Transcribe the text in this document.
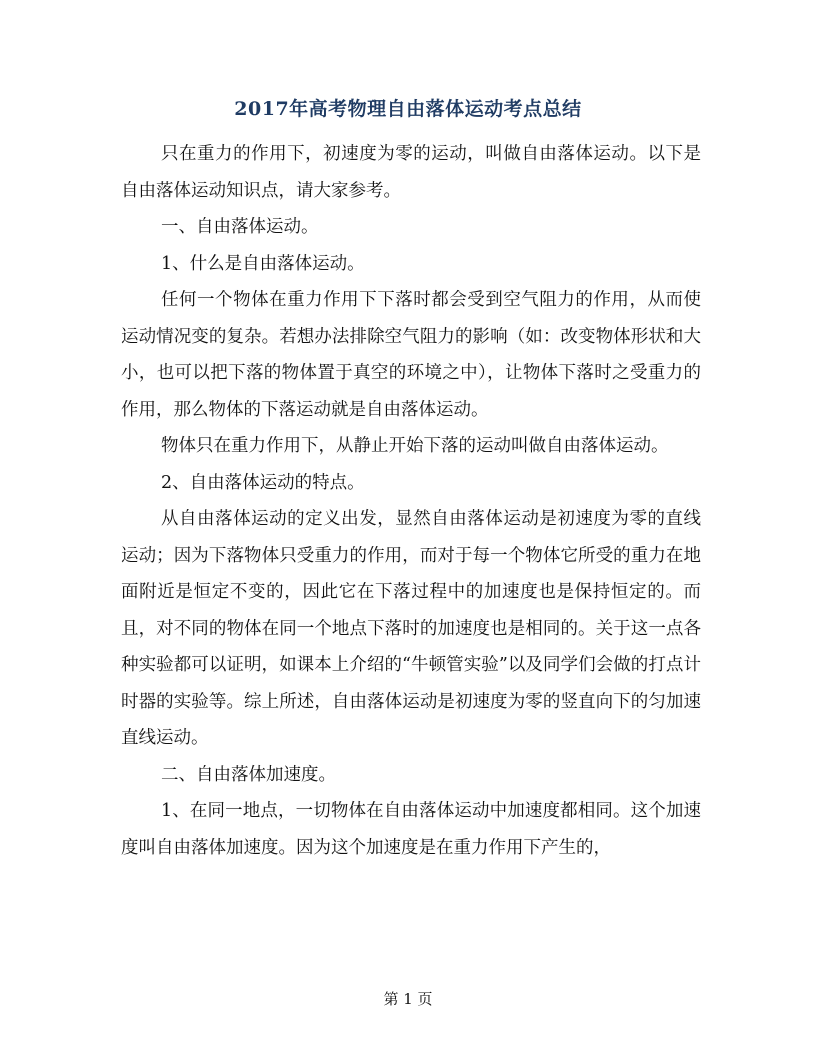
2017年高考物理自由落体运动考点总结

只在重力的作用下，初速度为零的运动，叫做自由落体运动。以下是自由落体运动知识点，请大家参考。

一、自由落体运动。

1、什么是自由落体运动。

任何一个物体在重力作用下下落时都会受到空气阻力的作用，从而使运动情况变的复杂。若想办法排除空气阻力的影响（如：改变物体形状和大小，也可以把下落的物体置于真空的环境之中），让物体下落时之受重力的作用，那么物体的下落运动就是自由落体运动。

物体只在重力作用下，从静止开始下落的运动叫做自由落体运动。

2、自由落体运动的特点。

从自由落体运动的定义出发，显然自由落体运动是初速度为零的直线运动；因为下落物体只受重力的作用，而对于每一个物体它所受的重力在地面附近是恒定不变的，因此它在下落过程中的加速度也是保持恒定的。而且，对不同的物体在同一个地点下落时的加速度也是相同的。关于这一点各种实验都可以证明，如课本上介绍的“牛顿管实验”以及同学们会做的打点计时器的实验等。综上所述，自由落体运动是初速度为零的竖直向下的匀加速直线运动。

二、自由落体加速度。

1、在同一地点，一切物体在自由落体运动中加速度都相同。这个加速度叫自由落体加速度。因为这个加速度是在重力作用下产生的，

第 1 页
